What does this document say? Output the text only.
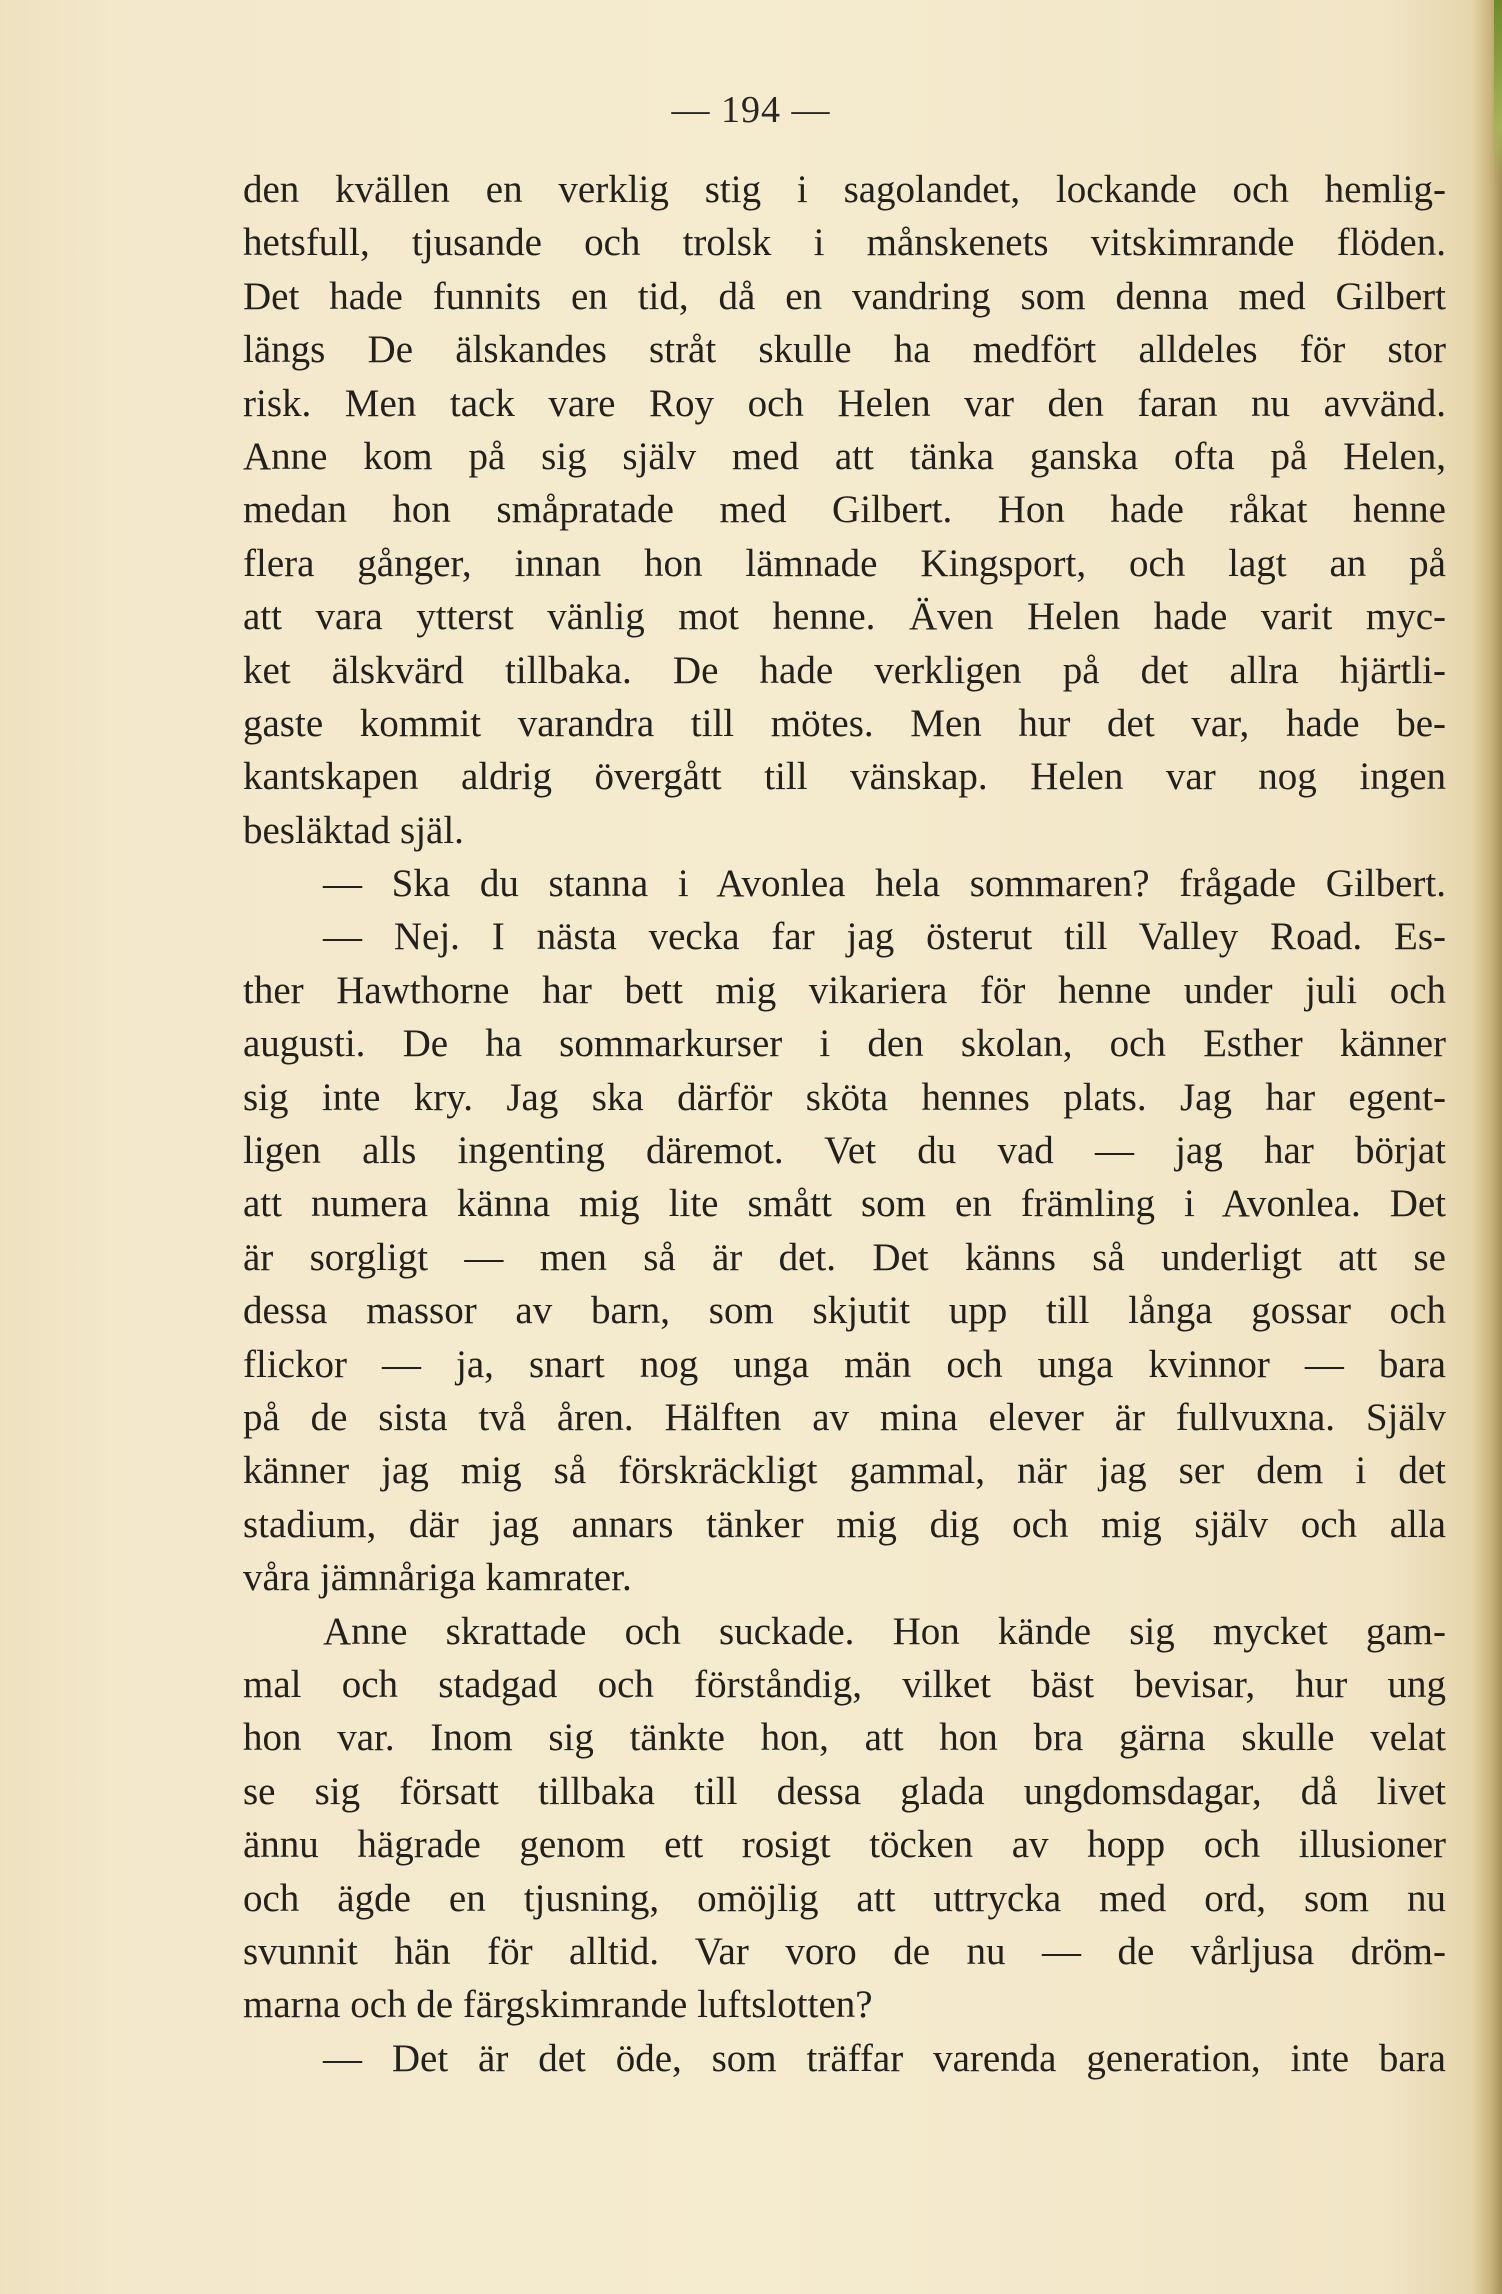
— 194 —
den kvällen en verklig stig i sagolandet, lockande och hemlig-
hetsfull, tjusande och trolsk i månskenets vitskimrande flöden.
Det hade funnits en tid, då en vandring som denna med Gilbert
längs De älskandes stråt skulle ha medfört alldeles för stor
risk. Men tack vare Roy och Helen var den faran nu avvänd.
Anne kom på sig själv med att tänka ganska ofta på Helen,
medan hon småpratade med Gilbert. Hon hade råkat henne
flera gånger, innan hon lämnade Kingsport, och lagt an på
att vara ytterst vänlig mot henne. Även Helen hade varit myc-
ket älskvärd tillbaka. De hade verkligen på det allra hjärtli-
gaste kommit varandra till mötes. Men hur det var, hade be-
kantskapen aldrig övergått till vänskap. Helen var nog ingen
besläktad själ.
— Ska du stanna i Avonlea hela sommaren? frågade Gilbert.
— Nej. I nästa vecka far jag österut till Valley Road. Es-
ther Hawthorne har bett mig vikariera för henne under juli och
augusti. De ha sommarkurser i den skolan, och Esther känner
sig inte kry. Jag ska därför sköta hennes plats. Jag har egent-
ligen alls ingenting däremot. Vet du vad — jag har börjat
att numera känna mig lite smått som en främling i Avonlea. Det
är sorgligt — men så är det. Det känns så underligt att se
dessa massor av barn, som skjutit upp till långa gossar och
flickor — ja, snart nog unga män och unga kvinnor — bara
på de sista två åren. Hälften av mina elever är fullvuxna. Själv
känner jag mig så förskräckligt gammal, när jag ser dem i det
stadium, där jag annars tänker mig dig och mig själv och alla
våra jämnåriga kamrater.
Anne skrattade och suckade. Hon kände sig mycket gam-
mal och stadgad och förståndig, vilket bäst bevisar, hur ung
hon var. Inom sig tänkte hon, att hon bra gärna skulle velat
se sig försatt tillbaka till dessa glada ungdomsdagar, då livet
ännu hägrade genom ett rosigt töcken av hopp och illusioner
och ägde en tjusning, omöjlig att uttrycka med ord, som nu
svunnit hän för alltid. Var voro de nu — de vårljusa dröm-
marna och de färgskimrande luftslotten?
— Det är det öde, som träffar varenda generation, inte bara
